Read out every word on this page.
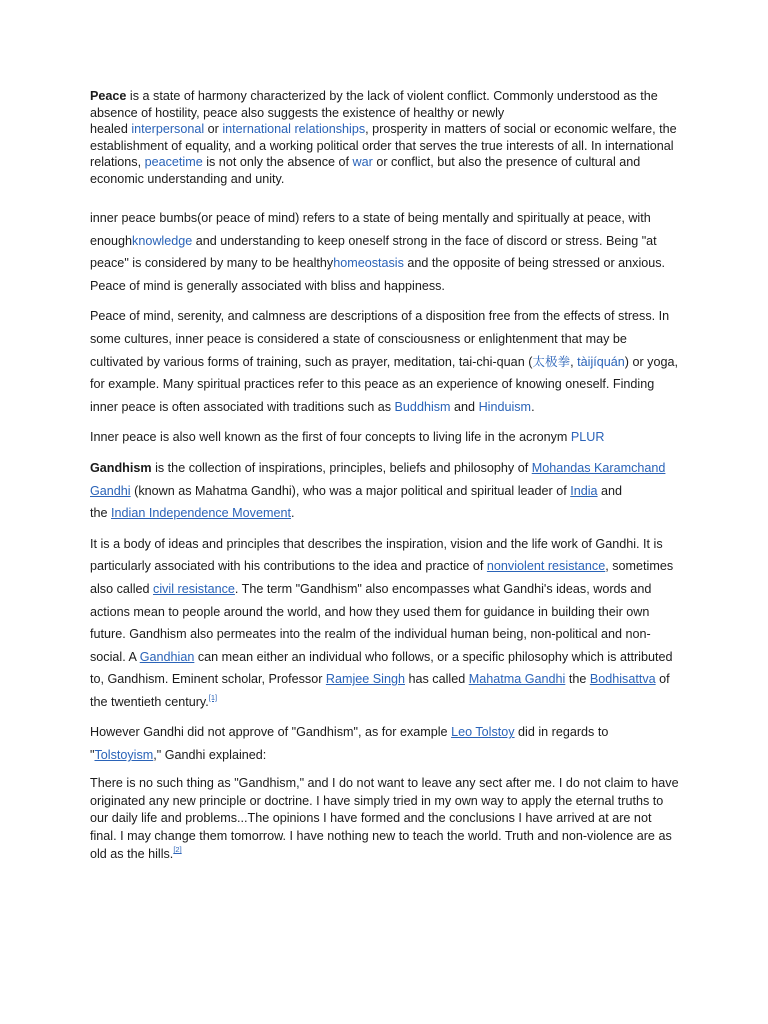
Peace is a state of harmony characterized by the lack of violent conflict. Commonly understood as the absence of hostility, peace also suggests the existence of healthy or newly
healed interpersonal or international relationships, prosperity in matters of social or economic welfare, the establishment of equality, and a working political order that serves the true interests of all. In international relations, peacetime is not only the absence of war or conflict, but also the presence of cultural and economic understanding and unity.

inner peace bumbs(or peace of mind) refers to a state of being mentally and spiritually at peace, with enoughknowledge and understanding to keep oneself strong in the face of discord or stress. Being "at peace" is considered by many to be healthyhomeostasis and the opposite of being stressed or anxious. Peace of mind is generally associated with bliss and happiness.

Peace of mind, serenity, and calmness are descriptions of a disposition free from the effects of stress. In some cultures, inner peace is considered a state of consciousness or enlightenment that may be cultivated by various forms of training, such as prayer, meditation, tai-chi-quan (太极拳, tàijíquán) or yoga, for example. Many spiritual practices refer to this peace as an experience of knowing oneself. Finding inner peace is often associated with traditions such as Buddhism and Hinduism.

Inner peace is also well known as the first of four concepts to living life in the acronym PLUR

Gandhism is the collection of inspirations, principles, beliefs and philosophy of Mohandas Karamchand Gandhi (known as Mahatma Gandhi), who was a major political and spiritual leader of India and
the Indian Independence Movement.

It is a body of ideas and principles that describes the inspiration, vision and the life work of Gandhi. It is particularly associated with his contributions to the idea and practice of nonviolent resistance, sometimes also called civil resistance. The term "Gandhism" also encompasses what Gandhi's ideas, words and actions mean to people around the world, and how they used them for guidance in building their own future. Gandhism also permeates into the realm of the individual human being, non-political and non-social. A Gandhian can mean either an individual who follows, or a specific philosophy which is attributed to, Gandhism. Eminent scholar, Professor Ramjee Singh has called Mahatma Gandhi the Bodhisattva of the twentieth century.[1]

However Gandhi did not approve of "Gandhism", as for example Leo Tolstoy did in regards to
"Tolstoyism," Gandhi explained:

There is no such thing as "Gandhism," and I do not want to leave any sect after me. I do not claim to have originated any new principle or doctrine. I have simply tried in my own way to apply the eternal truths to our daily life and problems...The opinions I have formed and the conclusions I have arrived at are not final. I may change them tomorrow. I have nothing new to teach the world. Truth and non-violence are as old as the hills.[2]
